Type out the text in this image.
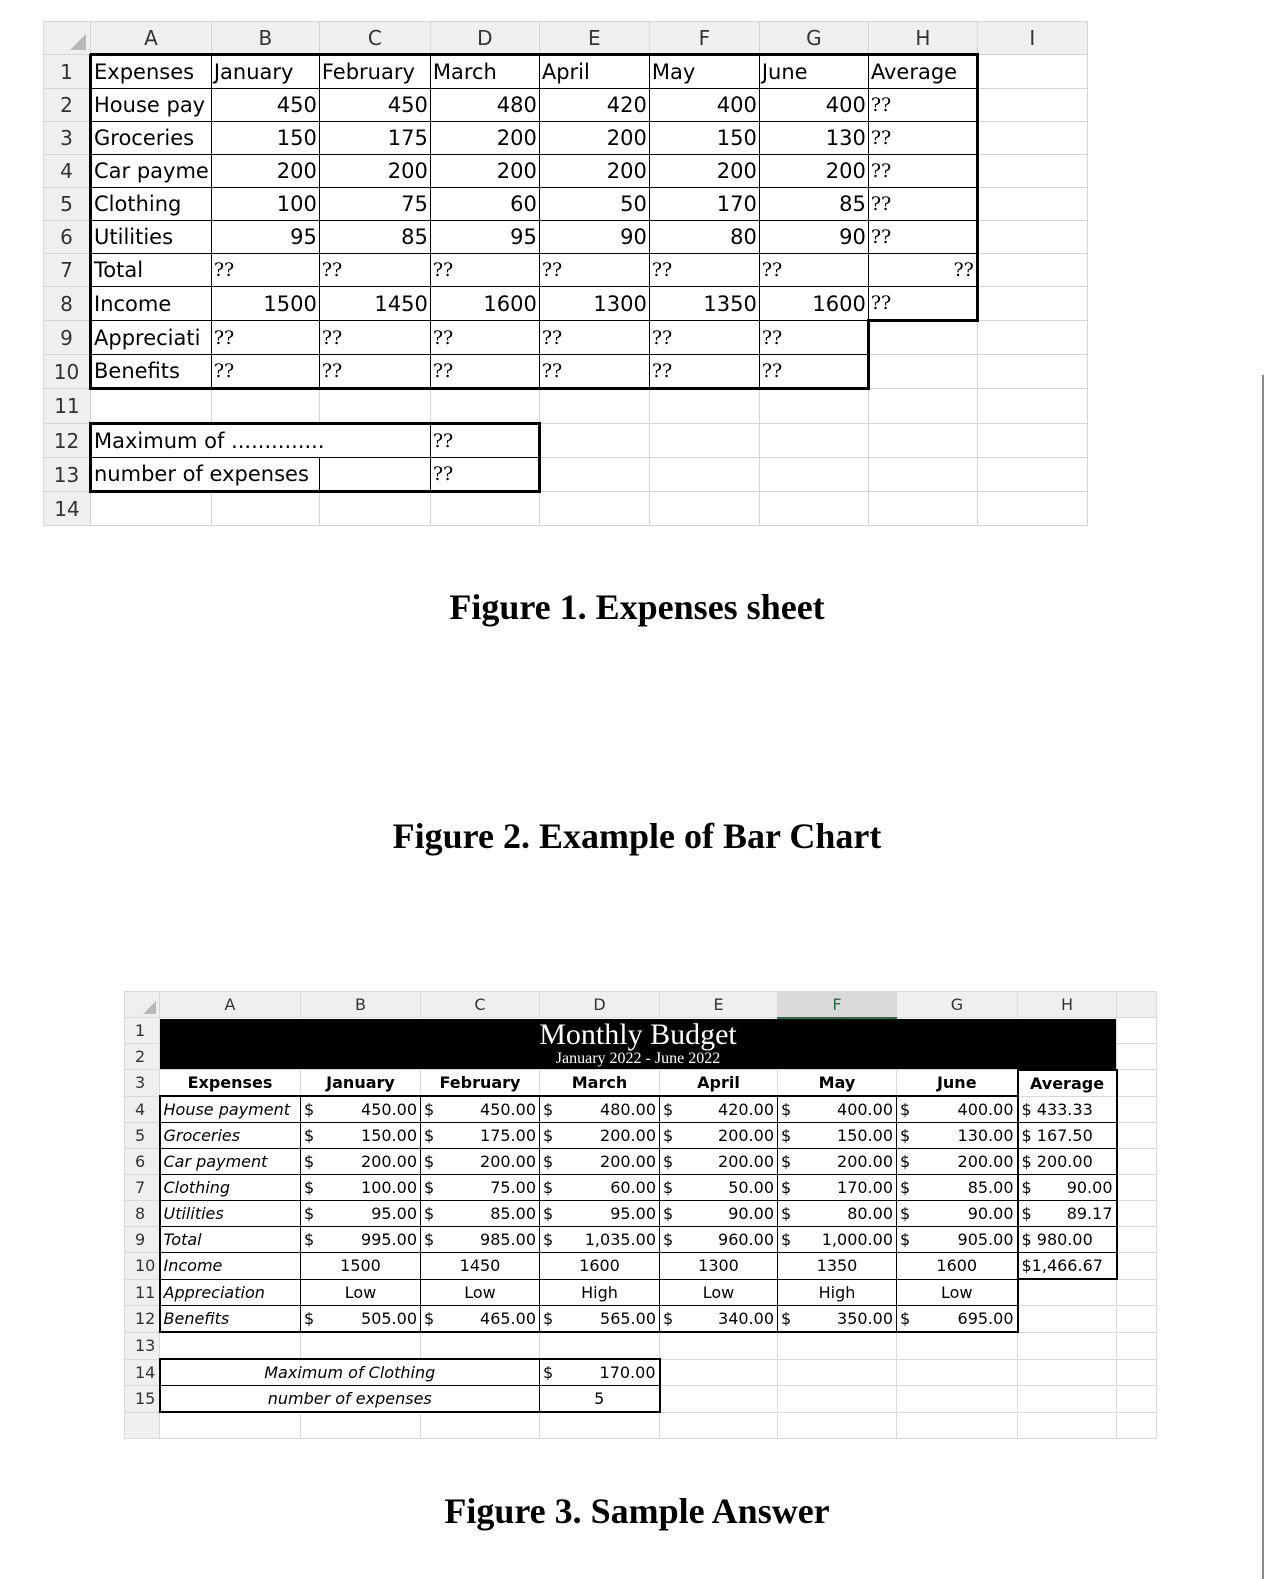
	A	B	C	D	E	F	G	H	I
1	Expenses	January	February	March	April	May	June	Average	
2	House pay	450	450	480	420	400	400	??	
3	Groceries	150	175	200	200	150	130	??	
4	Car payme	200	200	200	200	200	200	??	
5	Clothing	100	75	60	50	170	85	??	
6	Utilities	95	85	95	90	80	90	??	
7	Total	??	??	??	??	??	??	??	
8	Income	1500	1450	1600	1300	1350	1600	??	
9	Appreciati	??	??	??	??	??	??		
10	Benefits	??	??	??	??	??	??		
11									
12	Maximum of ..............			??					
13	number of expenses			??					
14									
Figure 1. Expenses sheet
Figure 2. Example of Bar Chart
	A	B	C	D	E	F	G	H	
1	Monthly Budget
January 2022 - June 2022								

2									
3	Expenses	January	February	March	April	May	June	Average	
4	House payment	$ 450.00	$ 450.00	$ 480.00	$ 420.00	$ 400.00	$ 400.00	$ 433.33	
5	Groceries	$ 150.00	$ 175.00	$ 200.00	$ 200.00	$ 150.00	$ 130.00	$ 167.50	
6	Car payment	$ 200.00	$ 200.00	$ 200.00	$ 200.00	$ 200.00	$ 200.00	$ 200.00	
7	Clothing	$ 100.00	$ 75.00	$ 60.00	$ 50.00	$ 170.00	$ 85.00	$ 90.00	

8	Utilities	$ 95.00	$ 85.00	$ 95.00	$ 90.00	$ 80.00	$ 90.00	$ 89.17	

9	Total	$ 995.00	$ 985.00	$ 1,035.00	$ 960.00	$ 1,000.00	$ 905.00	$ 980.00	
10	Income	1500	1450	1600	1300	1350	1600	$1,466.67	
11	Appreciation	Low	Low	High	Low	High	Low		
12	Benefits	$ 505.00	$ 465.00	$ 565.00	$ 340.00	$ 350.00	$ 695.00		

13									
14	Maximum of Clothing			$ 170.00					

15	number of expenses			5					

Figure 3. Sample Answer
